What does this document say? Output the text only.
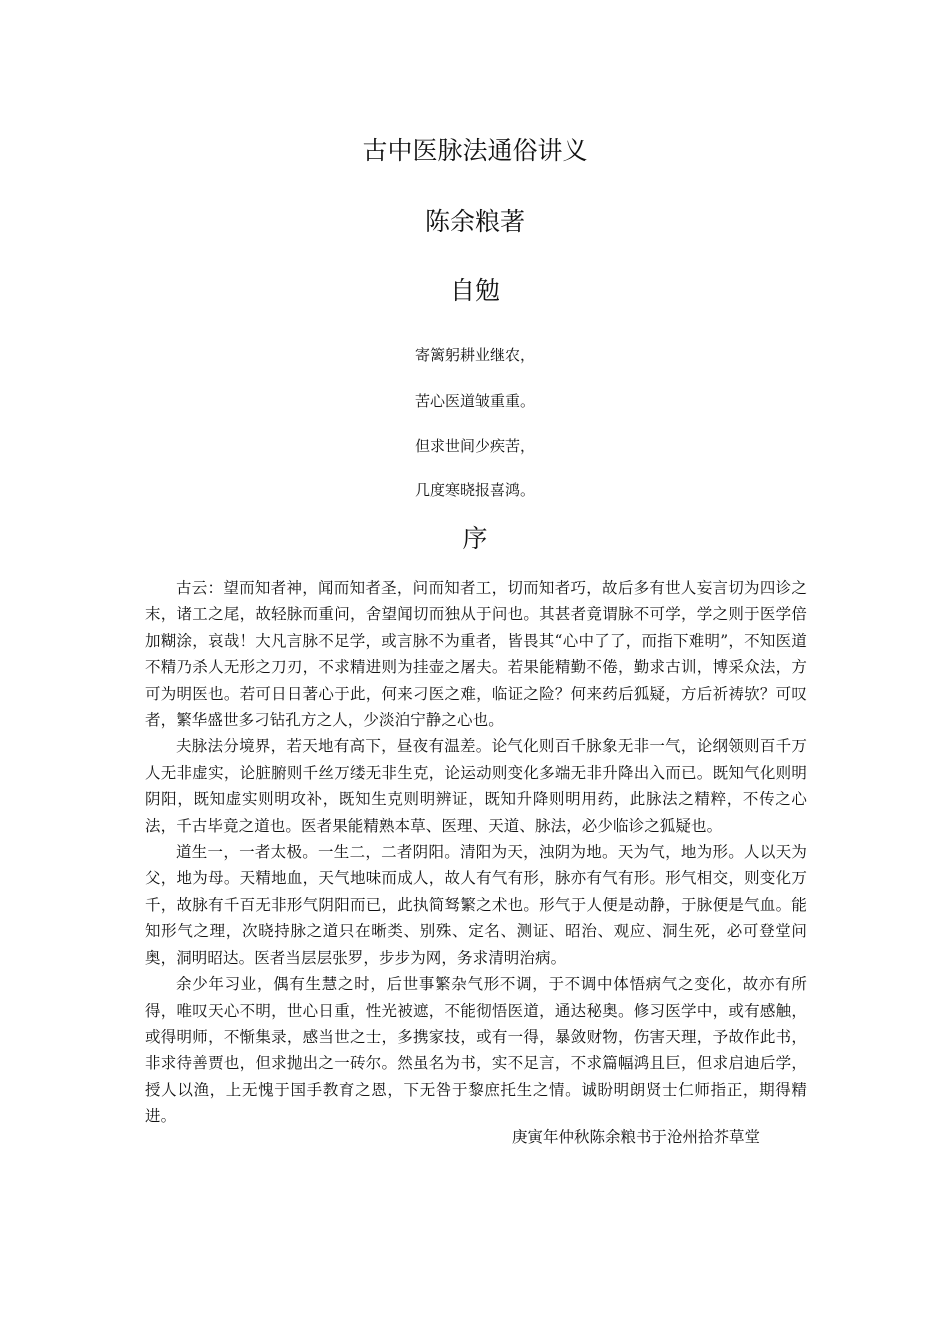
古中医脉法通俗讲义
陈余粮著
自勉
寄篱躬耕业继农，
苦心医道皱重重。
但求世间少疾苦，
几度寒晓报喜鸿。
序

古云：望而知者神，闻而知者圣，问而知者工，切而知者巧，故后多有世人妄言切为四诊之末，诸工之尾，故轻脉而重问，舍望闻切而独从于问也。其甚者竟谓脉不可学，学之则于医学倍加糊涂，哀哉！大凡言脉不足学，或言脉不为重者，皆畏其“心中了了，而指下难明”，不知医道不精乃杀人无形之刀刃，不求精进则为挂壶之屠夫。若果能精勤不倦，勤求古训，博采众法，方可为明医也。若可日日著心于此，何来刁医之难，临证之险？何来药后狐疑，方后祈祷欤？可叹者，繁华盛世多刁钻孔方之人，少淡泊宁静之心也。

夫脉法分境界，若天地有高下，昼夜有温差。论气化则百千脉象无非一气，论纲领则百千万人无非虚实，论脏腑则千丝万缕无非生克，论运动则变化多端无非升降出入而已。既知气化则明阴阳，既知虚实则明攻补，既知生克则明辨证，既知升降则明用药，此脉法之精粹，不传之心法，千古毕竟之道也。医者果能精熟本草、医理、天道、脉法，必少临诊之狐疑也。

道生一，一者太极。一生二，二者阴阳。清阳为天，浊阴为地。天为气，地为形。人以天为父，地为母。天精地血，天气地味而成人，故人有气有形，脉亦有气有形。形气相交，则变化万千，故脉有千百无非形气阴阳而已，此执简驽繁之术也。形气于人便是动静，于脉便是气血。能知形气之理，次晓持脉之道只在晰类、别殊、定名、测证、昭治、观应、洞生死，必可登堂问奥，洞明昭达。医者当层层张罗，步步为网，务求清明治病。

余少年习业，偶有生慧之时，后世事繁杂气形不调，于不调中体悟病气之变化，故亦有所得，唯叹天心不明，世心日重，性光被遮，不能彻悟医道，通达秘奥。修习医学中，或有感触，或得明师，不惭集录，感当世之士，多携家技，或有一得，暴敛财物，伤害天理，予故作此书，非求待善贾也，但求抛出之一砖尔。然虽名为书，实不足言，不求篇幅鸿且巨，但求启迪后学，授人以渔，上无愧于国手教育之恩，下无咎于黎庶托生之情。诚盼明朗贤士仁师指正，期得精进。

庚寅年仲秋陈余粮书于沧州拾芥草堂
